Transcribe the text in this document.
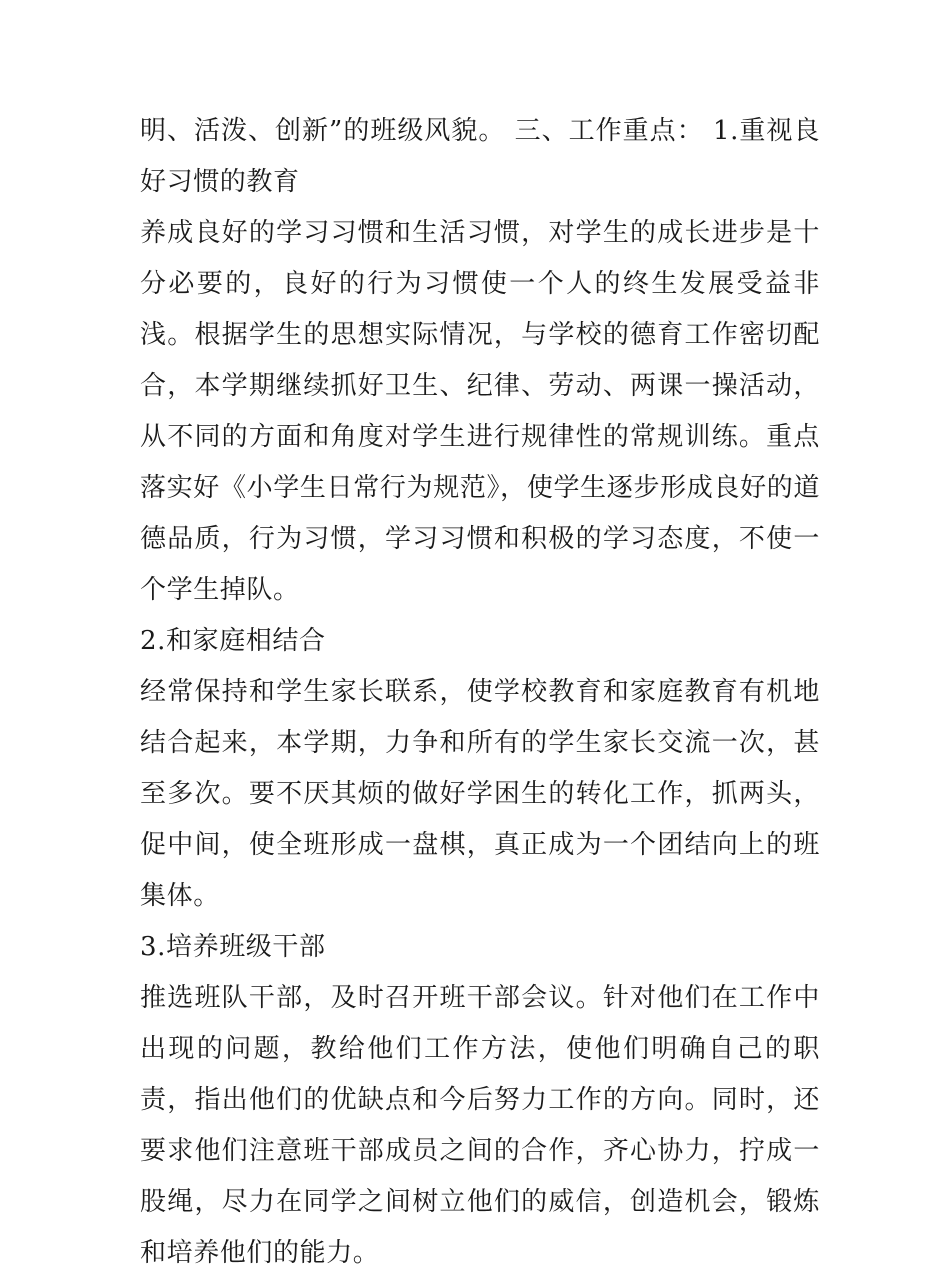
明、活泼、创新”的班级风貌。 三、工作重点： 1.重视良好习惯的教育

养成良好的学习习惯和生活习惯，对学生的成长进步是十分必要的，良好的行为习惯使一个人的终生发展受益非浅。根据学生的思想实际情况，与学校的德育工作密切配合，本学期继续抓好卫生、纪律、劳动、两课一操活动，从不同的方面和角度对学生进行规律性的常规训练。重点落实好《小学生日常行为规范》，使学生逐步形成良好的道德品质，行为习惯，学习习惯和积极的学习态度，不使一个学生掉队。

2.和家庭相结合

经常保持和学生家长联系，使学校教育和家庭教育有机地结合起来，本学期，力争和所有的学生家长交流一次，甚至多次。要不厌其烦的做好学困生的转化工作，抓两头，促中间，使全班形成一盘棋，真正成为一个团结向上的班集体。

3.培养班级干部

推选班队干部，及时召开班干部会议。针对他们在工作中出现的问题，教给他们工作方法，使他们明确自己的职责，指出他们的优缺点和今后努力工作的方向。同时，还要求他们注意班干部成员之间的合作，齐心协力，拧成一股绳，尽力在同学之间树立他们的威信，创造机会，锻炼和培养他们的能力。
